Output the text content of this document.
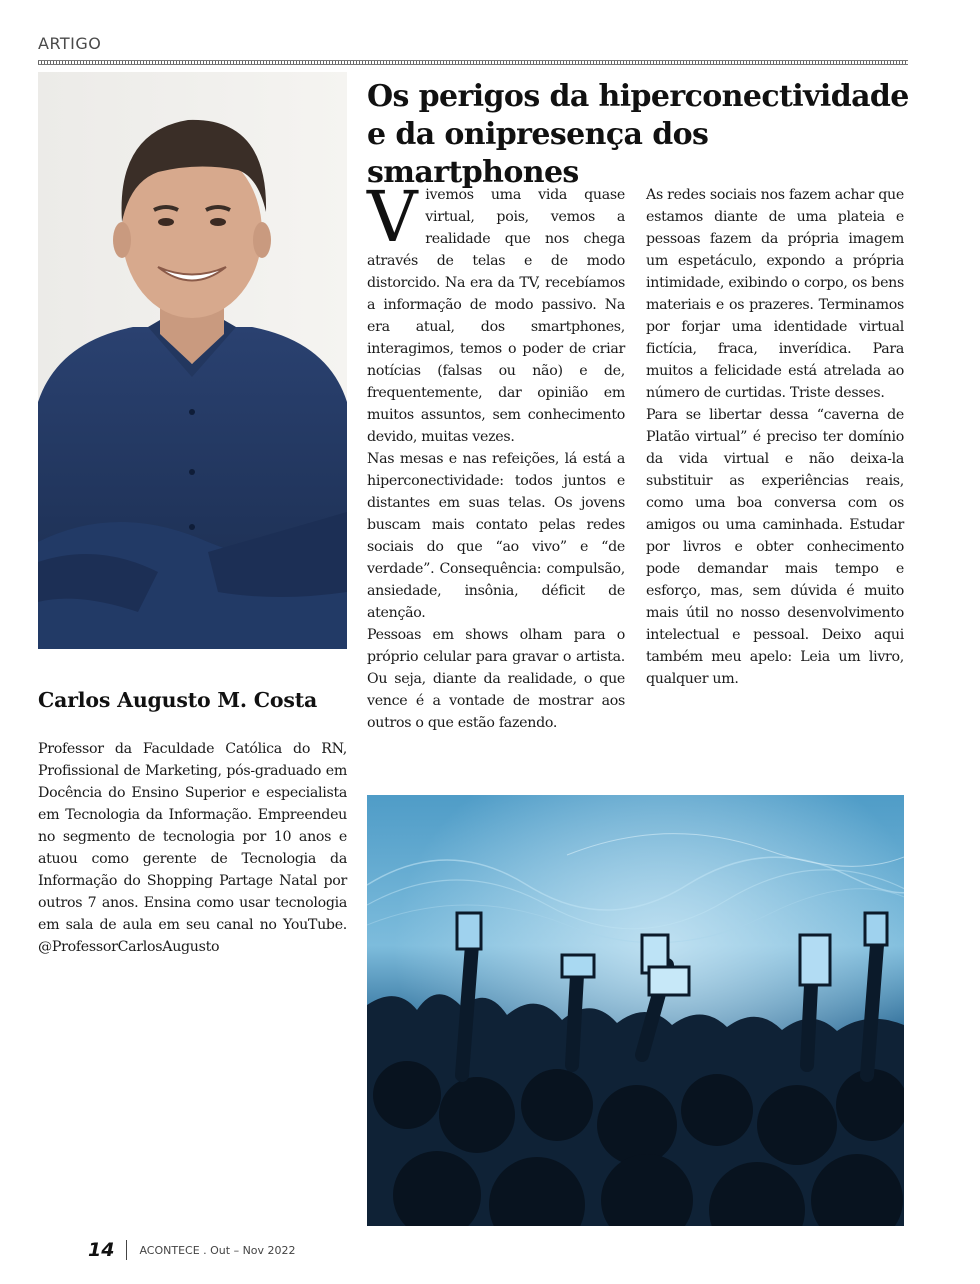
ARTIGO
Os perigos da hiperconectividade e da onipresença dos smartphones

Vivemos uma vida quase virtual, pois, vemos a realidade que nos chega através de telas e de modo distorcido. Na era da TV, recebíamos a informação de modo passivo. Na era atual, dos smartphones, interagimos, temos o poder de criar notícias (falsas ou não) e de, frequentemente, dar opinião em muitos assuntos, sem conhecimento devido, muitas vezes.

Nas mesas e nas refeições, lá está a hiperconectividade: todos juntos e distantes em suas telas. Os jovens buscam mais contato pelas redes sociais do que “ao vivo” e “de verdade”. Consequência: compulsão, ansiedade, insônia, déficit de atenção.

Pessoas em shows olham para o próprio celular para gravar o artista. Ou seja, diante da realidade, o que vence é a vontade de mostrar aos outros o que estão fazendo.

As redes sociais nos fazem achar que estamos diante de uma plateia e pessoas fazem da própria imagem um espetáculo, expondo a própria intimidade, exibindo o corpo, os bens materiais e os prazeres. Terminamos por forjar uma identidade virtual fictícia, fraca, inverídica. Para muitos a felicidade está atrelada ao número de curtidas. Triste desses.

Para se libertar dessa “caverna de Platão virtual” é preciso ter domínio da vida virtual e não deixa-la substituir as experiências reais, como uma boa conversa com os amigos ou uma caminhada. Estudar por livros e obter conhecimento pode demandar mais tempo e esforço, mas, sem dúvida é muito mais útil no nosso desenvolvimento intelectual e pessoal. Deixo aqui também meu apelo: Leia um livro, qualquer um.

Carlos Augusto M. Costa

Professor da Faculdade Católica do RN, Profissional de Marketing, pós-graduado em Docência do Ensino Superior e especialista em Tecnologia da Informação. Empreendeu no segmento de tecnologia por 10 anos e atuou como gerente de Tecnologia da Informação do Shopping Partage Natal por outros 7 anos. Ensina como usar tecnologia em sala de aula em seu canal no YouTube. @ProfessorCarlosAugusto

14 ACONTECE . Out – Nov 2022
